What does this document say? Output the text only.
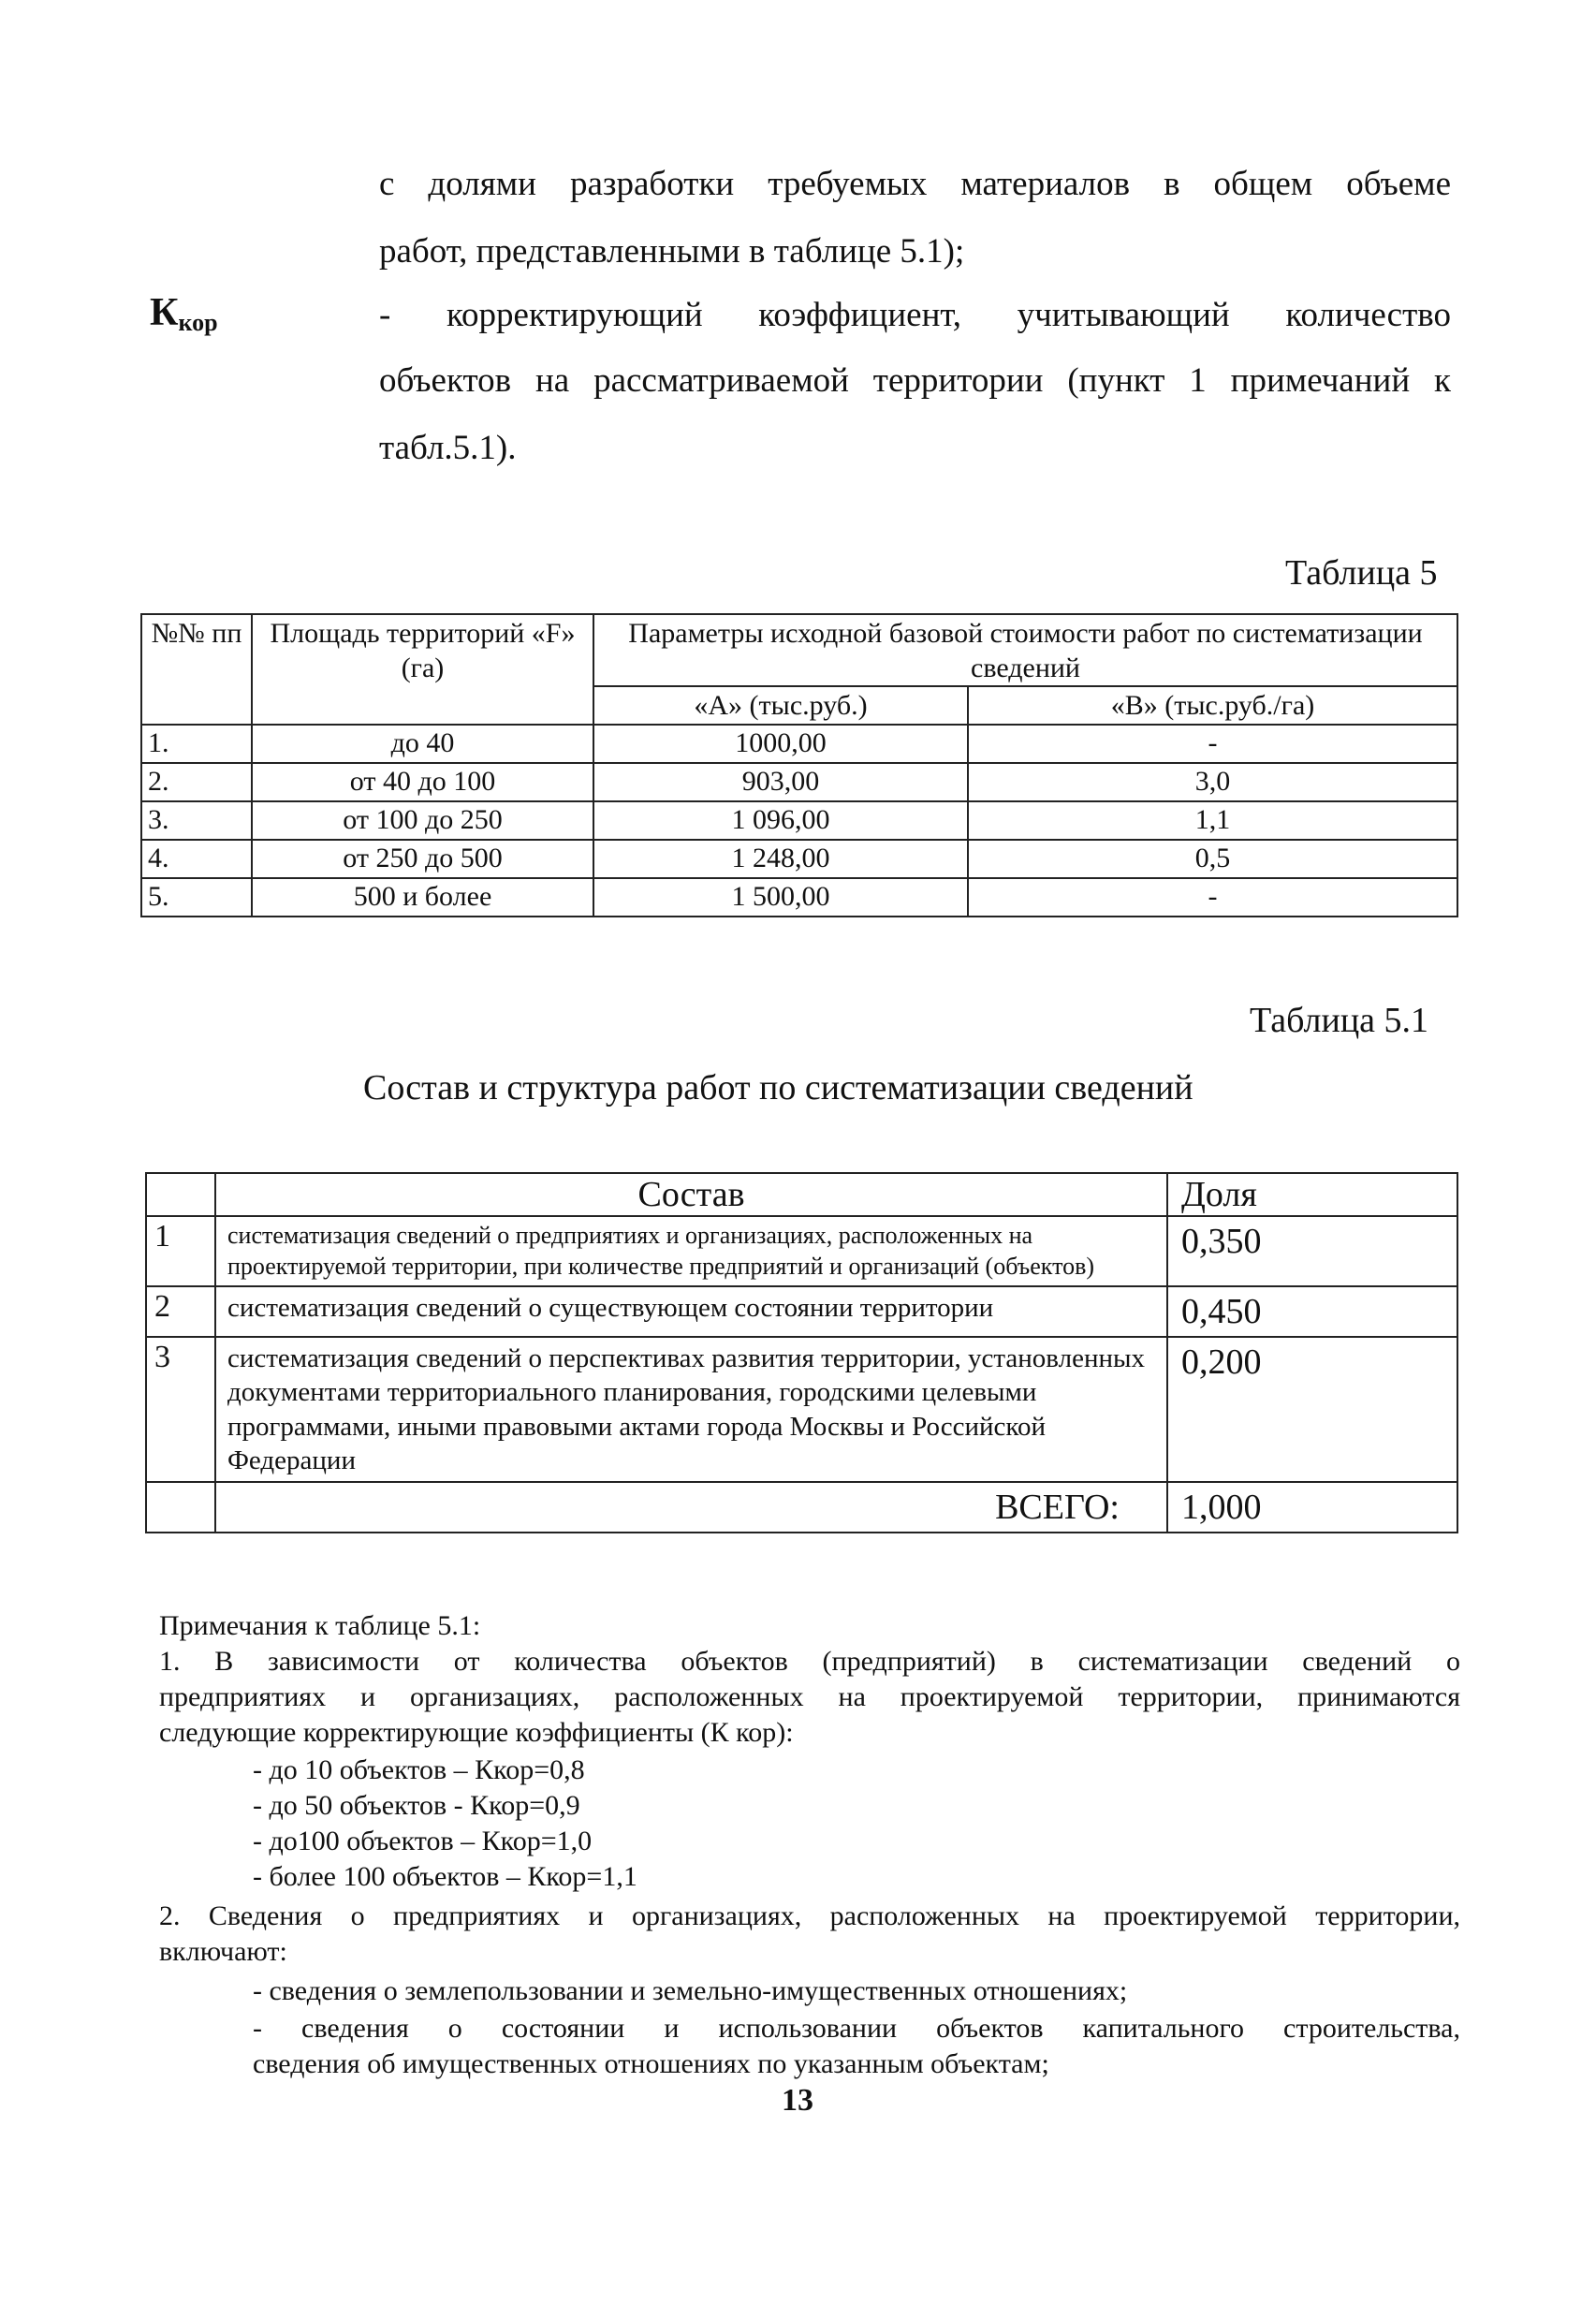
с долями разработки требуемых материалов в общем объеме
работ, представленными в таблице 5.1);
$К_{кор}$	- корректирующий коэффициент, учитывающий количество
объектов на рассматриваемой территории (пункт 1 примечаний к
табл.5.1).
Таблица 5
№№ пп	Площадь территорий «F» (га)	Параметры исходной базовой стоимости работ по систематизации сведений	
		«А» (тыс.руб.)	«В» (тыс.руб./га)
1.	до 40	1000,00	-
2.	от 40 до 100	903,00	3,0
3.	от 100 до 250	1 096,00	1,1
4.	от 250 до 500	1 248,00	0,5
5.	500 и более	1 500,00	-
Таблица 5.1
Состав и структура работ по систематизации сведений
	Состав	Доля
1	систематизация сведений о предприятиях и организациях, расположенных на проектируемой территории, при количестве предприятий и организаций (объектов)	0,350
2	систематизация сведений о существующем состоянии территории	0,450
3	систематизация сведений о перспективах развития территории, установленных документами территориального планирования, городскими целевыми программами, иными правовыми актами города Москвы и Российской Федерации	0,200
	ВСЕГО:	1,000
Примечания к таблице 5.1:
1. В зависимости от количества объектов (предприятий) в систематизации сведений о
предприятиях и организациях, расположенных на проектируемой территории, принимаются
следующие корректирующие коэффициенты (К кор):
- до 10 объектов – Ккор=0,8
- до 50 объектов - Ккор=0,9
- до100 объектов – Ккор=1,0
- более 100 объектов – Ккор=1,1
2. Сведения о предприятиях и организациях, расположенных на проектируемой территории,
включают:
- сведения о землепользовании и земельно-имущественных отношениях;
- сведения о состоянии и использовании объектов капитального строительства,
сведения об имущественных отношениях по указанным объектам;
13
